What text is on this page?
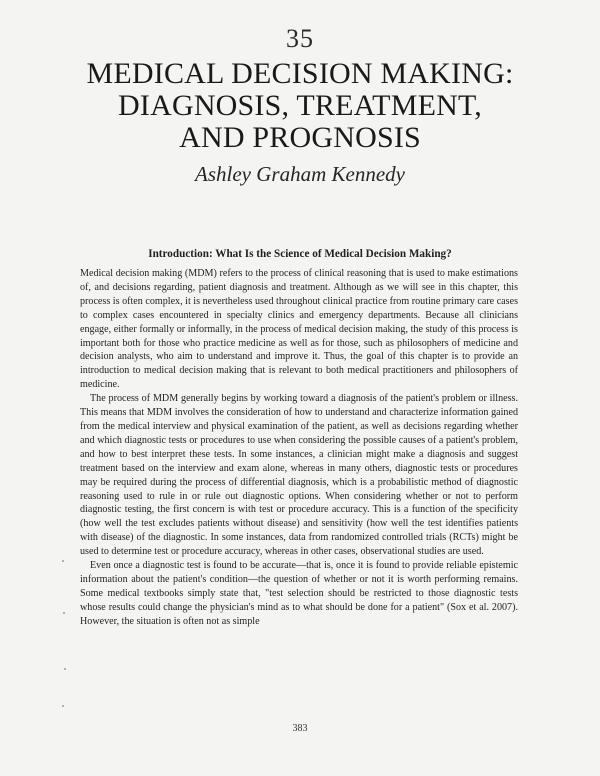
35
MEDICAL DECISION MAKING:
DIAGNOSIS, TREATMENT,
AND PROGNOSIS
Ashley Graham Kennedy
Introduction: What Is the Science of Medical Decision Making?

Medical decision making (MDM) refers to the process of clinical reasoning that is used to make estimations of, and decisions regarding, patient diagnosis and treatment. Although as we will see in this chapter, this process is often complex, it is nevertheless used throughout clinical practice from routine primary care cases to complex cases encountered in specialty clinics and emergency departments. Because all clinicians engage, either formally or informally, in the process of medical decision making, the study of this process is important both for those who practice medicine as well as for those, such as philosophers of medicine and decision analysts, who aim to understand and improve it. Thus, the goal of this chapter is to provide an introduction to medical decision making that is relevant to both medical practitioners and philosophers of medicine.

The process of MDM generally begins by working toward a diagnosis of the patient's problem or illness. This means that MDM involves the consideration of how to understand and characterize information gained from the medical interview and physical examination of the patient, as well as decisions regarding whether and which diagnostic tests or procedures to use when considering the possible causes of a patient's problem, and how to best interpret these tests. In some instances, a clinician might make a diagnosis and suggest treatment based on the interview and exam alone, whereas in many others, diagnostic tests or procedures may be required during the process of differential diagnosis, which is a probabilistic method of diagnostic reasoning used to rule in or rule out diagnostic options. When considering whether or not to perform diagnostic testing, the first concern is with test or procedure accuracy. This is a function of the specificity (how well the test excludes patients without disease) and sensitivity (how well the test identifies patients with disease) of the diagnostic. In some instances, data from randomized controlled trials (RCTs) might be used to determine test or procedure accuracy, whereas in other cases, observational studies are used.

Even once a diagnostic test is found to be accurate—that is, once it is found to provide reliable epistemic information about the patient's condition—the question of whether or not it is worth performing remains. Some medical textbooks simply state that, "test selection should be restricted to those diagnostic tests whose results could change the physician's mind as to what should be done for a patient" (Sox et al. 2007). However, the situation is often not as simple

383
